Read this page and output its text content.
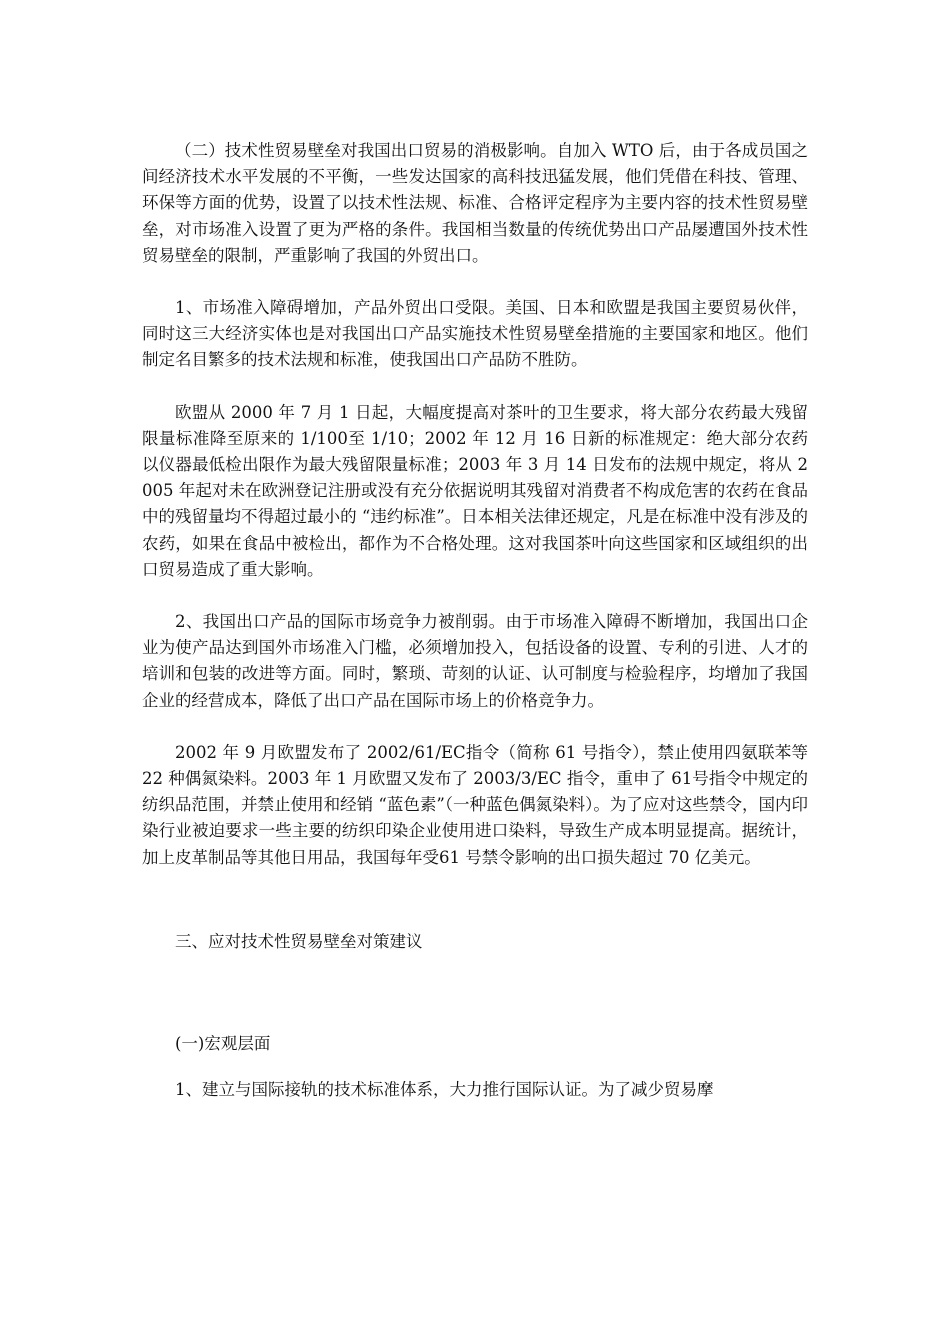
（二）技术性贸易壁垒对我国出口贸易的消极影响。自加入 WTO 后，由于各成员国之间经济技术水平发展的不平衡，一些发达国家的高科技迅猛发展，他们凭借在科技、管理、环保等方面的优势，设置了以技术性法规、标准、合格评定程序为主要内容的技术性贸易壁垒，对市场准入设置了更为严格的条件。我国相当数量的传统优势出口产品屡遭国外技术性贸易壁垒的限制，严重影响了我国的外贸出口。

1、市场准入障碍增加，产品外贸出口受限。美国、日本和欧盟是我国主要贸易伙伴，同时这三大经济实体也是对我国出口产品实施技术性贸易壁垒措施的主要国家和地区。他们制定名目繁多的技术法规和标准，使我国出口产品防不胜防。

欧盟从 2000 年 7 月 1 日起，大幅度提高对茶叶的卫生要求，将大部分农药最大残留限量标准降至原来的 1/100至 1/10；2002 年 12 月 16 日新的标准规定：绝大部分农药以仪器最低检出限作为最大残留限量标准；2003 年 3 月 14 日发布的法规中规定，将从 2005 年起对未在欧洲登记注册或没有充分依据说明其残留对消费者不构成危害的农药在食品中的残留量均不得超过最小的 “违约标准”。日本相关法律还规定，凡是在标准中没有涉及的农药，如果在食品中被检出，都作为不合格处理。这对我国茶叶向这些国家和区域组织的出口贸易造成了重大影响。

2、我国出口产品的国际市场竞争力被削弱。由于市场准入障碍不断增加，我国出口企业为使产品达到国外市场准入门槛，必须增加投入，包括设备的设置、专利的引进、人才的培训和包装的改进等方面。同时，繁琐、苛刻的认证、认可制度与检验程序，均增加了我国企业的经营成本，降低了出口产品在国际市场上的价格竞争力。

2002 年 9 月欧盟发布了 2002/61/EC指令（简称 61 号指令），禁止使用四氨联苯等 22 种偶氮染料。2003 年 1 月欧盟又发布了 2003/3/EC 指令，重申了 61号指令中规定的纺织品范围，并禁止使用和经销 “蓝色素”（一种蓝色偶氮染料）。为了应对这些禁令，国内印染行业被迫要求一些主要的纺织印染企业使用进口染料，导致生产成本明显提高。据统计，加上皮革制品等其他日用品，我国每年受61 号禁令影响的出口损失超过 70 亿美元。

三、应对技术性贸易壁垒对策建议

(一)宏观层面

1、建立与国际接轨的技术标准体系，大力推行国际认证。为了减少贸易摩
